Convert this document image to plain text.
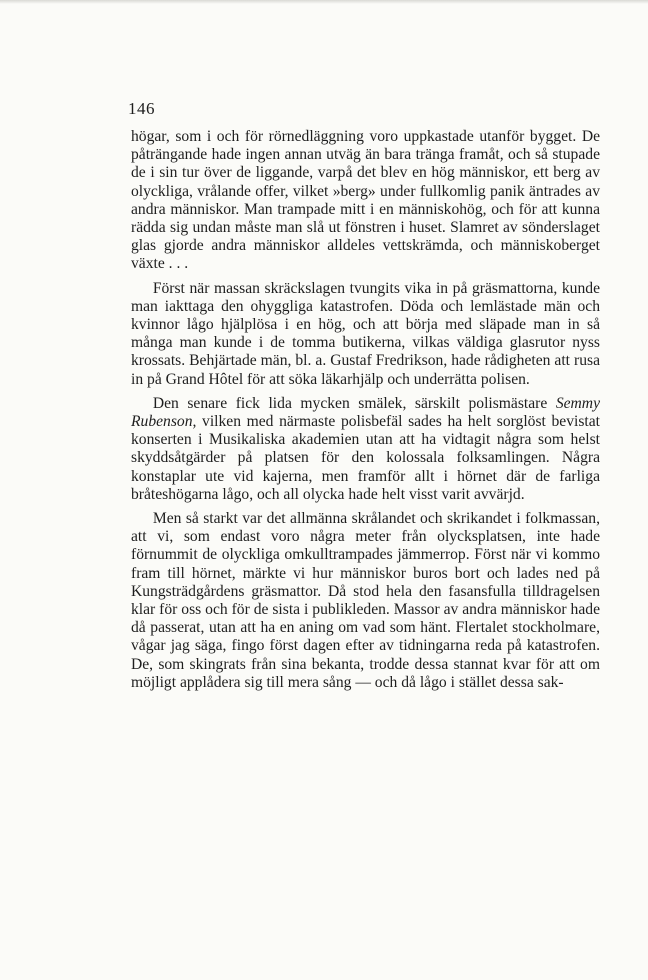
146

högar, som i och för rörnedläggning voro uppkastade utanför bygget. De påträngande hade ingen annan utväg än bara tränga framåt, och så stupade de i sin tur över de liggande, varpå det blev en hög människor, ett berg av olyckliga, vrålande offer, vilket »berg» under fullkomlig panik äntrades av andra människor. Man trampade mitt i en människohög, och för att kunna rädda sig undan måste man slå ut fönstren i huset. Slamret av sönderslaget glas gjorde andra människor alldeles vettskrämda, och människoberget växte . . .

Först när massan skräckslagen tvungits vika in på gräsmattorna, kunde man iakttaga den ohyggliga katastrofen. Döda och lemlästade män och kvinnor lågo hjälplösa i en hög, och att börja med släpade man in så många man kunde i de tomma butikerna, vilkas väldiga glasrutor nyss krossats. Behjärtade män, bl. a. Gustaf Fredrikson, hade rådigheten att rusa in på Grand Hôtel för att söka läkarhjälp och underrätta polisen.

Den senare fick lida mycken smälek, särskilt polismästare Semmy Rubenson, vilken med närmaste polisbefäl sades ha helt sorglöst bevistat konserten i Musikaliska akademien utan att ha vidtagit några som helst skyddsåtgärder på platsen för den kolossala folksamlingen. Några konstaplar ute vid kajerna, men framför allt i hörnet där de farliga bråteshögarna lågo, och all olycka hade helt visst varit avvärjd.

Men så starkt var det allmänna skrålandet och skrikandet i folkmassan, att vi, som endast voro några meter från olycksplatsen, inte hade förnummit de olyckliga omkulltrampades jämmerrop. Först när vi kommo fram till hörnet, märkte vi hur människor buros bort och lades ned på Kungsträdgårdens gräsmattor. Då stod hela den fasansfulla tilldragelsen klar för oss och för de sista i publikleden. Massor av andra människor hade då passerat, utan att ha en aning om vad som hänt. Flertalet stockholmare, vågar jag säga, fingo först dagen efter av tidningarna reda på katastrofen. De, som skingrats från sina bekanta, trodde dessa stannat kvar för att om möjligt applådera sig till mera sång — och då lågo i stället dessa sak-
